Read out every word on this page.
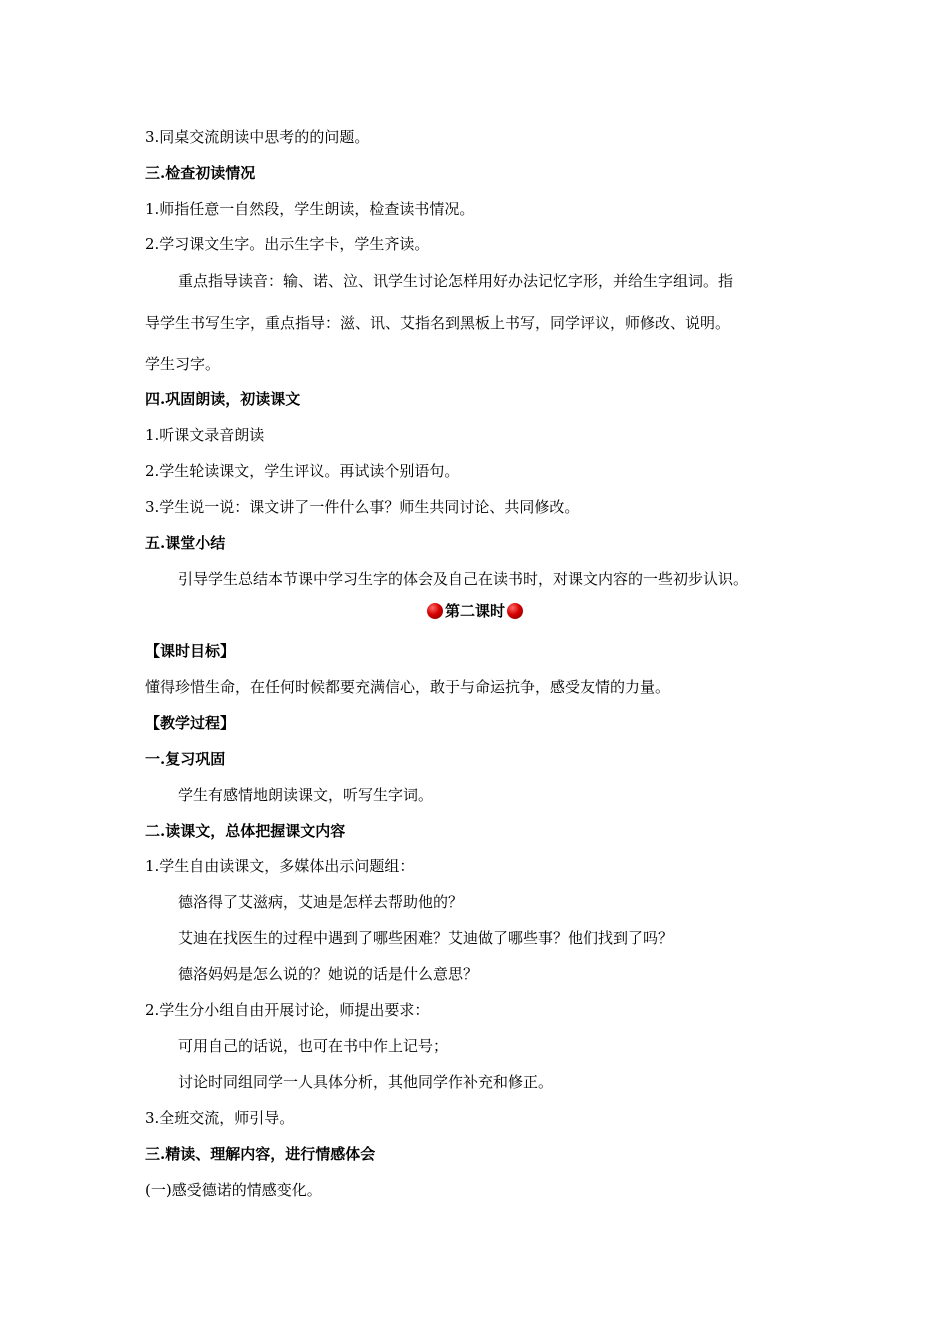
3.同桌交流朗读中思考的的问题。
三.检查初读情况
1.师指任意一自然段，学生朗读，检查读书情况。
2.学习课文生字。出示生字卡，学生齐读。
重点指导读音：输、诺、泣、讯学生讨论怎样用好办法记忆字形，并给生字组词。指
导学生书写生字，重点指导：滋、讯、艾指名到黑板上书写，同学评议，师修改、说明。
学生习字。
四.巩固朗读，初读课文
1.听课文录音朗读
2.学生轮读课文，学生评议。再试读个别语句。
3.学生说一说：课文讲了一件什么事？师生共同讨论、共同修改。
五.课堂小结
引导学生总结本节课中学习生字的体会及自己在读书时，对课文内容的一些初步认识。
第二课时
【课时目标】
懂得珍惜生命，在任何时候都要充满信心，敢于与命运抗争，感受友情的力量。
【教学过程】
一.复习巩固
学生有感情地朗读课文，听写生字词。
二.读课文，总体把握课文内容
1.学生自由读课文，多媒体出示问题组：
德洛得了艾滋病，艾迪是怎样去帮助他的？
艾迪在找医生的过程中遇到了哪些困难？艾迪做了哪些事？他们找到了吗？
德洛妈妈是怎么说的？她说的话是什么意思？
2.学生分小组自由开展讨论，师提出要求：
可用自己的话说，也可在书中作上记号；
讨论时同组同学一人具体分析，其他同学作补充和修正。
3.全班交流，师引导。
三.精读、理解内容，进行情感体会
(一)感受德诺的情感变化。
